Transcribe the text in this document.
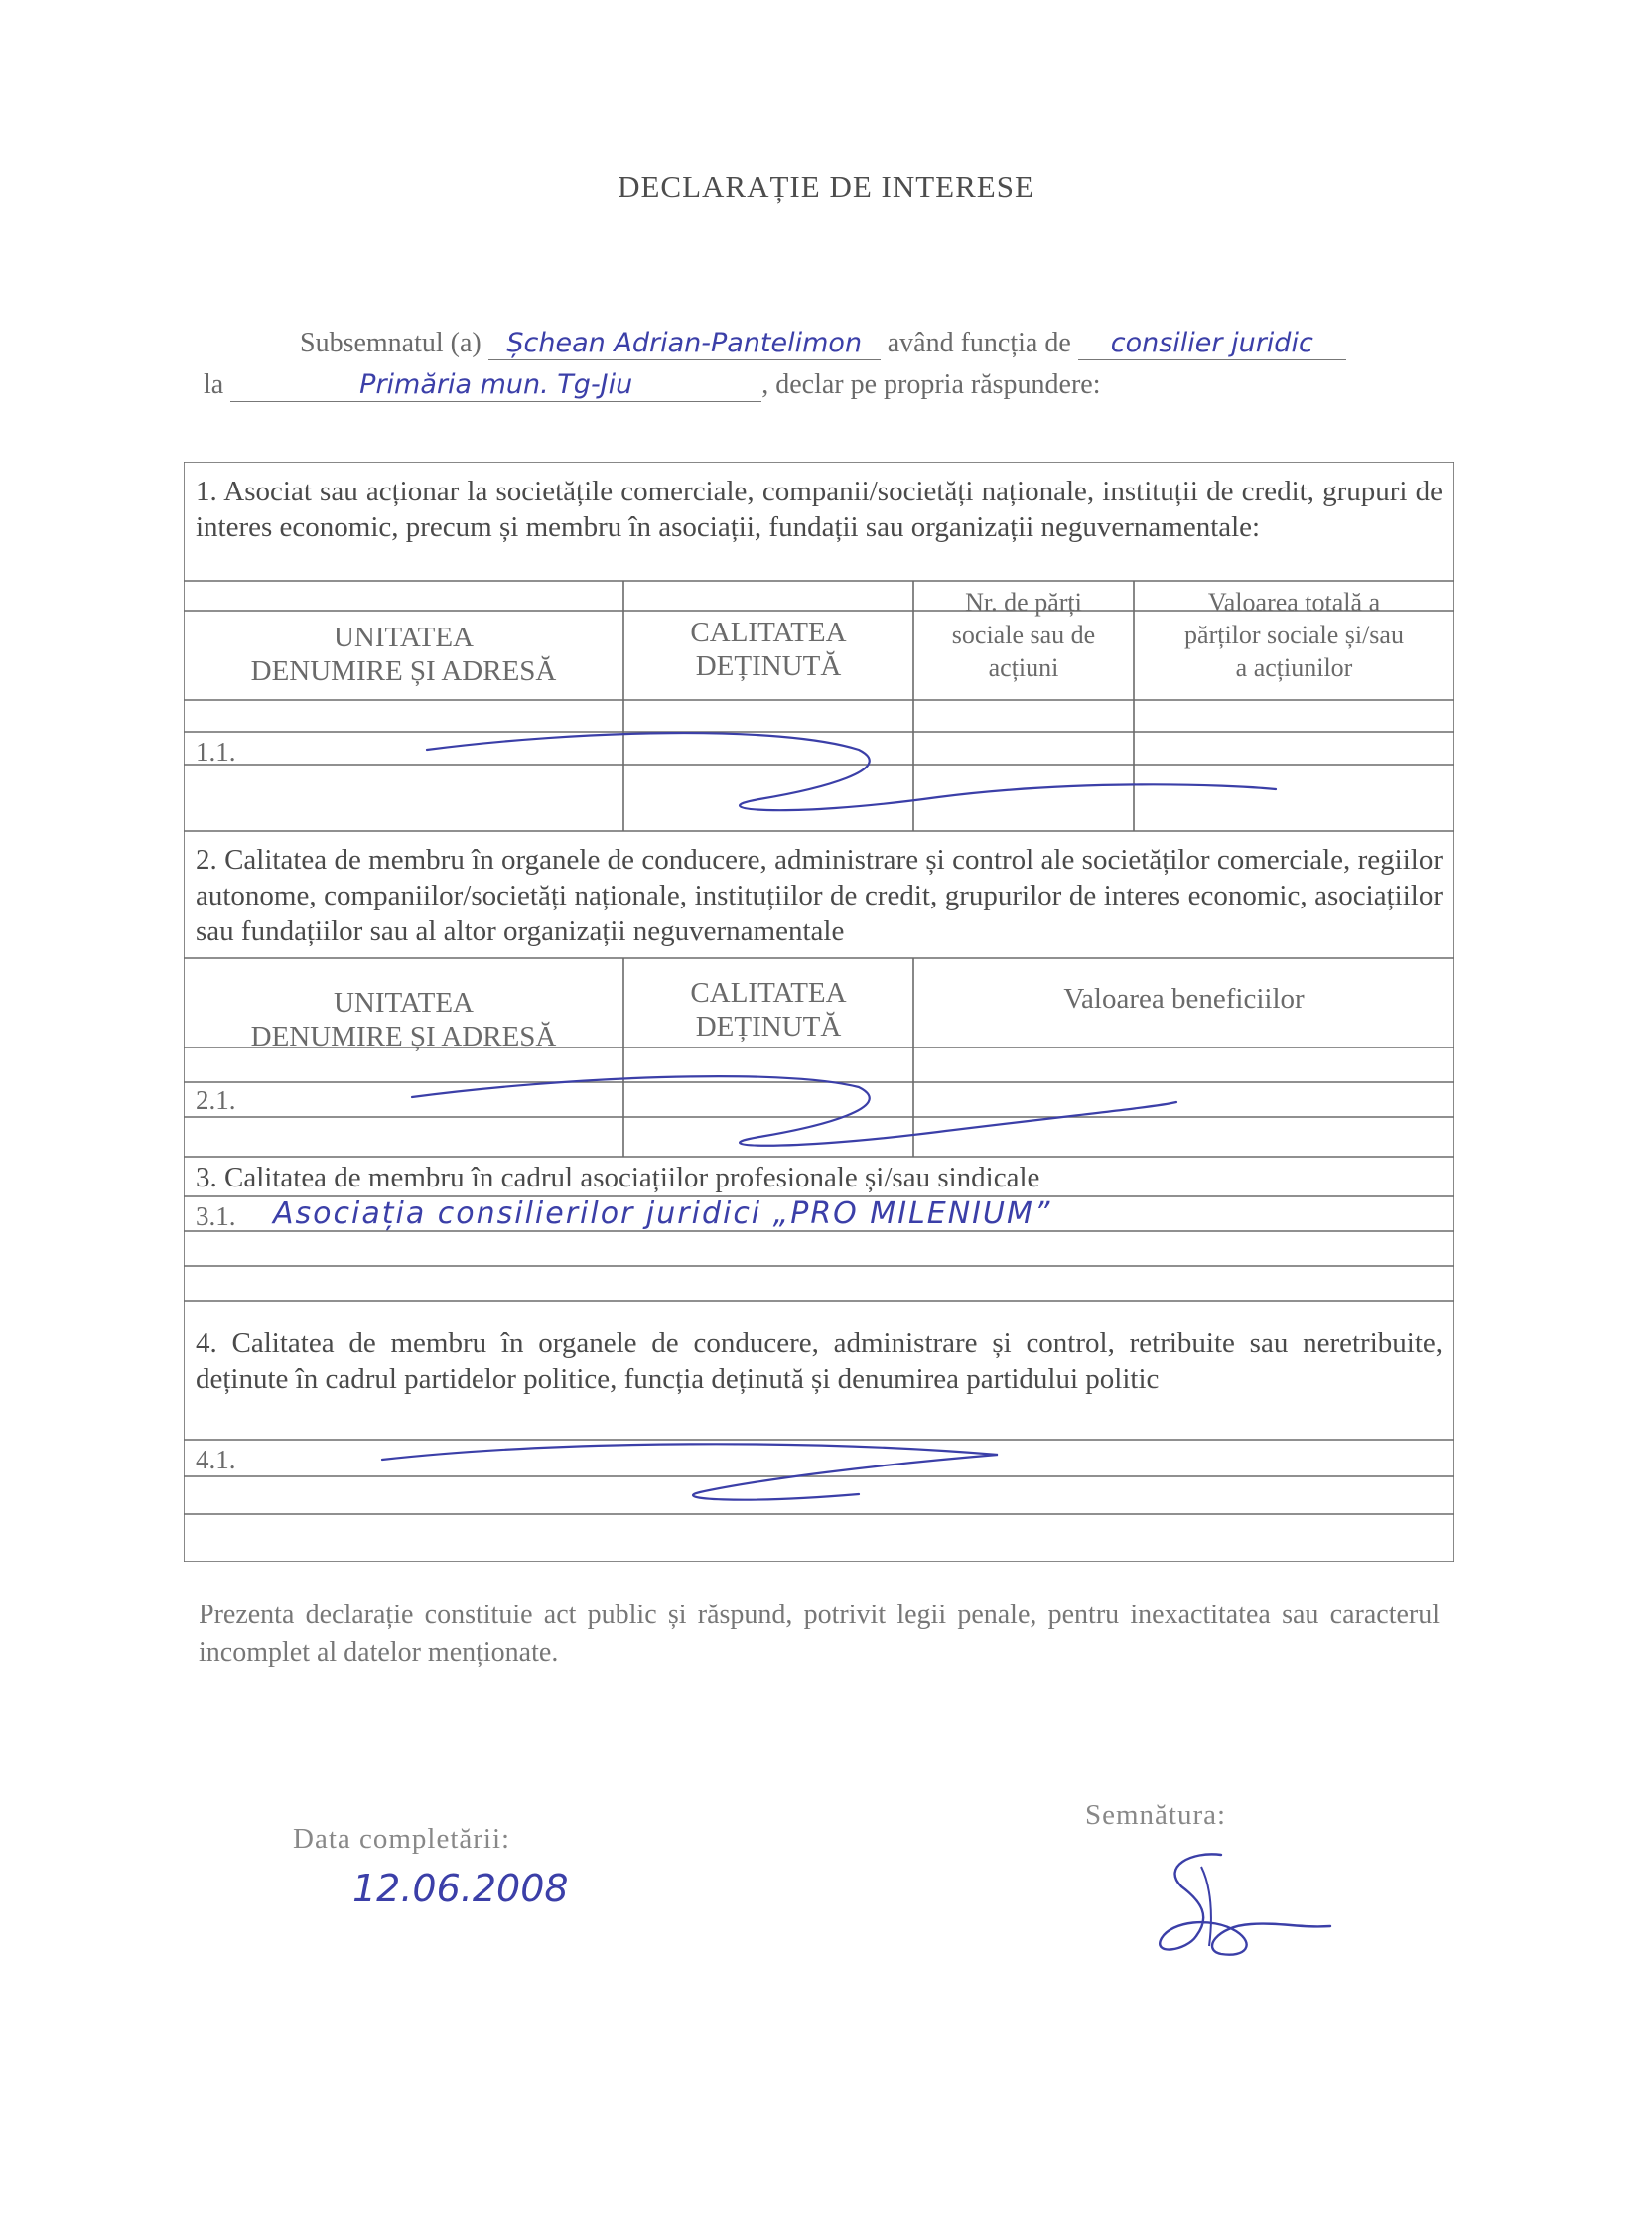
DECLARAȚIE DE INTERESE
Subsemnatul (a) Șchean Adrian-Pantelimon având funcția de consilier juridic
la	Primăria mun. Tg-Jiu	, declar pe propria răspundere:
1. Asociat sau acționar la societățile comerciale, companii/societăți naționale, instituții de credit, grupuri de interes economic, precum și membru în asociații, fundații sau organizații neguvernamentale:
UNITATEA
DENUMIRE ȘI ADRESĂ
CALITATEA
DEȚINUTĂ
Nr. de părți
sociale sau de
acțiuni
Valoarea totală a
părților sociale și/sau
a acțiunilor
1.1.
2. Calitatea de membru în organele de conducere, administrare și control ale societăților comerciale, regiilor autonome, companiilor/societăți naționale, instituțiilor de credit, grupurilor de interes economic, asociațiilor sau fundațiilor sau al altor organizații neguvernamentale
UNITATEA
DENUMIRE ȘI ADRESĂ
CALITATEA
DEȚINUTĂ
Valoarea beneficiilor
2.1.
3. Calitatea de membru în cadrul asociațiilor profesionale și/sau sindicale
3.1. Asociația consilierilor juridici „PRO MILENIUM”
4. Calitatea de membru în organele de conducere, administrare și control, retribuite sau neretribuite, deținute în cadrul partidelor politice, funcția deținută și denumirea partidului politic
4.1.
Prezenta declarație constituie act public și răspund, potrivit legii penale, pentru inexactitatea sau caracterul incomplet al datelor menționate.
Data completării:
12.06.2008
Semnătura:
